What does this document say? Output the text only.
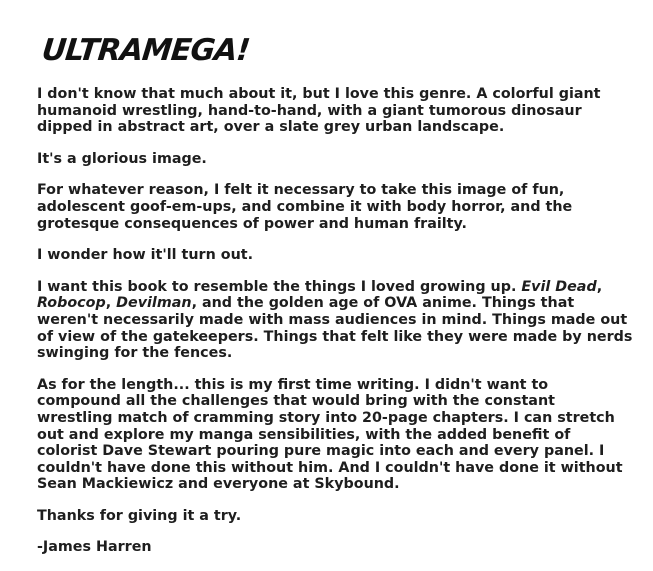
ULTRAMEGA!

I don't know that much about it, but I love this genre. A colorful giant humanoid wrestling, hand-to-hand, with a giant tumorous dinosaur dipped in abstract art, over a slate grey urban landscape.

It's a glorious image.

For whatever reason, I felt it necessary to take this image of fun, adolescent goof-em-ups, and combine it with body horror, and the grotesque consequences of power and human frailty.

I wonder how it'll turn out.

I want this book to resemble the things I loved growing up. Evil Dead, Robocop, Devilman, and the golden age of OVA anime. Things that weren't necessarily made with mass audiences in mind. Things made out of view of the gatekeepers. Things that felt like they were made by nerds swinging for the fences.

As for the length... this is my first time writing. I didn't want to compound all the challenges that would bring with the constant wrestling match of cramming story into 20-page chapters. I can stretch out and explore my manga sensibilities, with the added benefit of colorist Dave Stewart pouring pure magic into each and every panel. I couldn't have done this without him. And I couldn't have done it without Sean Mackiewicz and everyone at Skybound.

Thanks for giving it a try.

-James Harren
